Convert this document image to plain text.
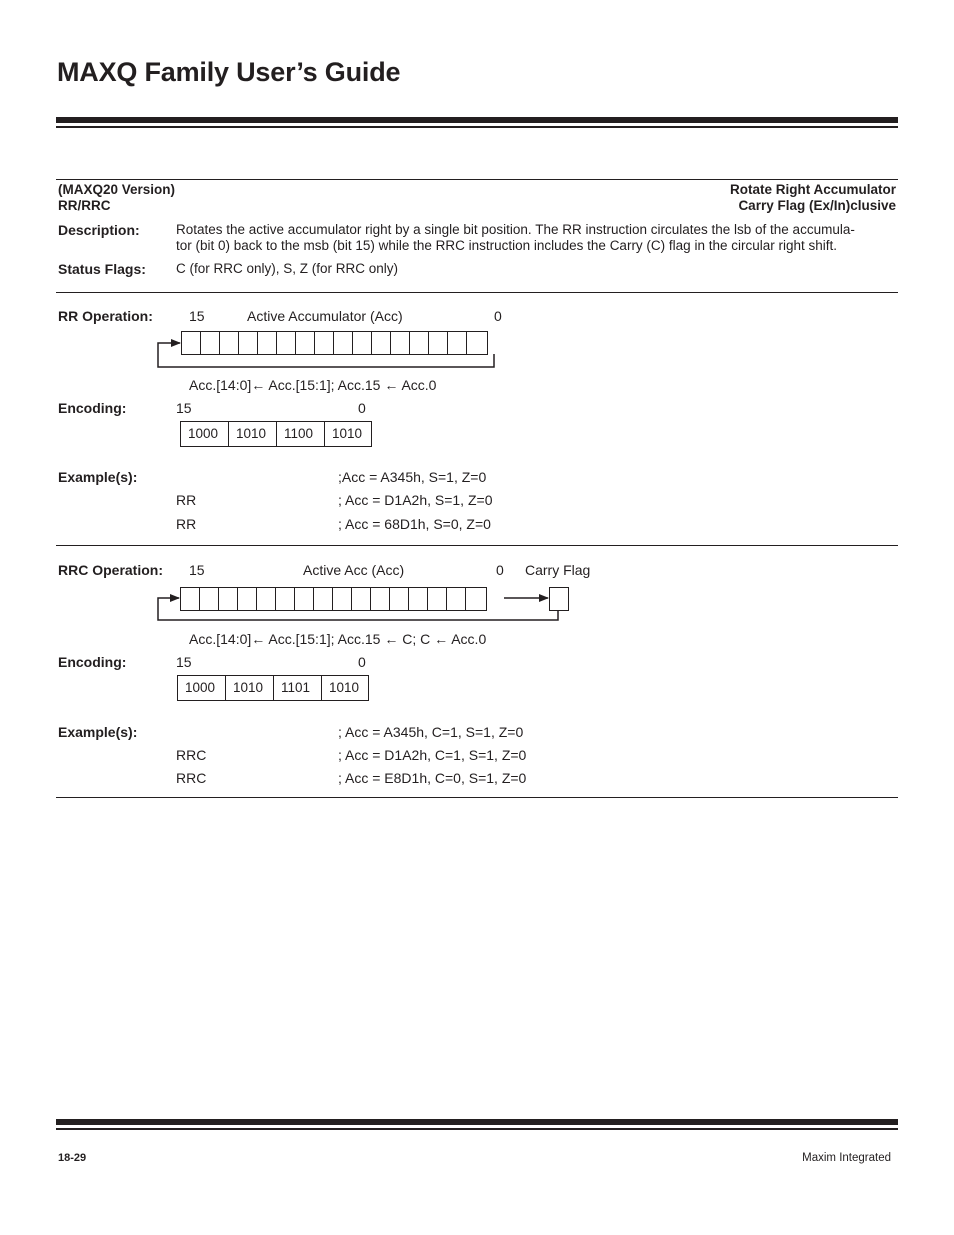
MAXQ Family User’s Guide
(MAXQ20 Version)
RR/RRC
Rotate Right Accumulator
Carry Flag (Ex/In)clusive
Description:	Rotates the active accumulator right by a single bit position. The RR instruction circulates the lsb of the accumula-
tor (bit 0) back to the msb (bit 15) while the RRC instruction includes the Carry (C) flag in the circular right shift.
Status Flags: C (for RRC only), S, Z (for RRC only)
RR Operation:	15	Active Accumulator (Acc)	0
Acc.[14:0]← Acc.[15:1]; Acc.15 ← Acc.0
Encoding:	15	0
1000	1010	1100	1010
Example(s):	;Acc = A345h, S=1, Z=0
RR	; Acc = D1A2h, S=1, Z=0
RR	; Acc = 68D1h, S=0, Z=0
RRC Operation: 15	Active Acc (Acc)	0 Carry Flag
Acc.[14:0]← Acc.[15:1]; Acc.15 ← C; C ← Acc.0
Encoding:	15	0
1000	1010	1101	1010
Example(s):	; Acc = A345h, C=1, S=1, Z=0
RRC	; Acc = D1A2h, C=1, S=1, Z=0
RRC	; Acc = E8D1h, C=0, S=1, Z=0
18-29	Maxim Integrated
